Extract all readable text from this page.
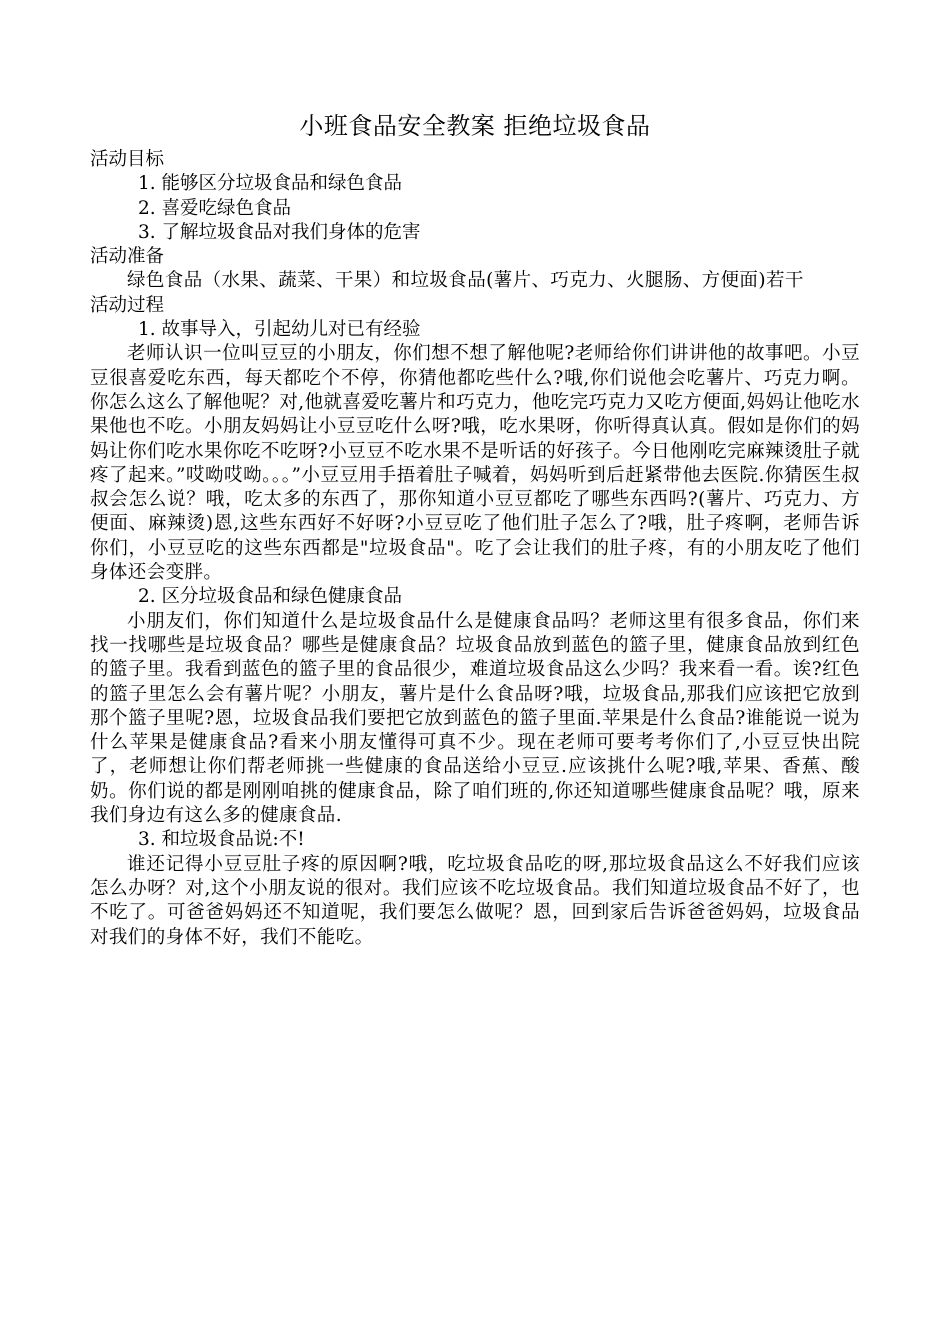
小班食品安全教案 拒绝垃圾食品

活动目标

1. 能够区分垃圾食品和绿色食品

2. 喜爱吃绿色食品

3. 了解垃圾食品对我们身体的危害

活动准备

绿色食品（水果、蔬菜、干果）和垃圾食品(薯片、巧克力、火腿肠、方便面)若干

活动过程

1. 故事导入，引起幼儿对已有经验

老师认识一位叫豆豆的小朋友，你们想不想了解他呢?老师给你们讲讲他的故事吧。小豆豆很喜爱吃东西，每天都吃个不停，你猜他都吃些什么?哦,你们说他会吃薯片、巧克力啊。你怎么这么了解他呢？对,他就喜爱吃薯片和巧克力，他吃完巧克力又吃方便面,妈妈让他吃水果他也不吃。小朋友妈妈让小豆豆吃什么呀?哦，吃水果呀，你听得真认真。假如是你们的妈妈让你们吃水果你吃不吃呀?小豆豆不吃水果不是听话的好孩子。今日他刚吃完麻辣烫肚子就疼了起来。”哎呦哎呦。。。”小豆豆用手捂着肚子喊着，妈妈听到后赶紧带他去医院.你猜医生叔叔会怎么说？哦，吃太多的东西了，那你知道小豆豆都吃了哪些东西吗?(薯片、巧克力、方便面、麻辣烫)恩,这些东西好不好呀?小豆豆吃了他们肚子怎么了?哦，肚子疼啊，老师告诉你们，小豆豆吃的这些东西都是"垃圾食品"。吃了会让我们的肚子疼，有的小朋友吃了他们身体还会变胖。

2. 区分垃圾食品和绿色健康食品

小朋友们，你们知道什么是垃圾食品什么是健康食品吗？老师这里有很多食品，你们来找一找哪些是垃圾食品？哪些是健康食品？垃圾食品放到蓝色的篮子里，健康食品放到红色的篮子里。我看到蓝色的篮子里的食品很少，难道垃圾食品这么少吗？我来看一看。诶?红色的篮子里怎么会有薯片呢？小朋友，薯片是什么食品呀?哦，垃圾食品,那我们应该把它放到那个篮子里呢?恩，垃圾食品我们要把它放到蓝色的篮子里面.苹果是什么食品?谁能说一说为什么苹果是健康食品?看来小朋友懂得可真不少。现在老师可要考考你们了,小豆豆快出院了，老师想让你们帮老师挑一些健康的食品送给小豆豆.应该挑什么呢?哦,苹果、香蕉、酸奶。你们说的都是刚刚咱挑的健康食品，除了咱们班的,你还知道哪些健康食品呢？哦，原来我们身边有这么多的健康食品.

3. 和垃圾食品说:不!

谁还记得小豆豆肚子疼的原因啊?哦，吃垃圾食品吃的呀,那垃圾食品这么不好我们应该怎么办呀？对,这个小朋友说的很对。我们应该不吃垃圾食品。我们知道垃圾食品不好了，也不吃了。可爸爸妈妈还不知道呢，我们要怎么做呢？恩，回到家后告诉爸爸妈妈，垃圾食品对我们的身体不好，我们不能吃。
